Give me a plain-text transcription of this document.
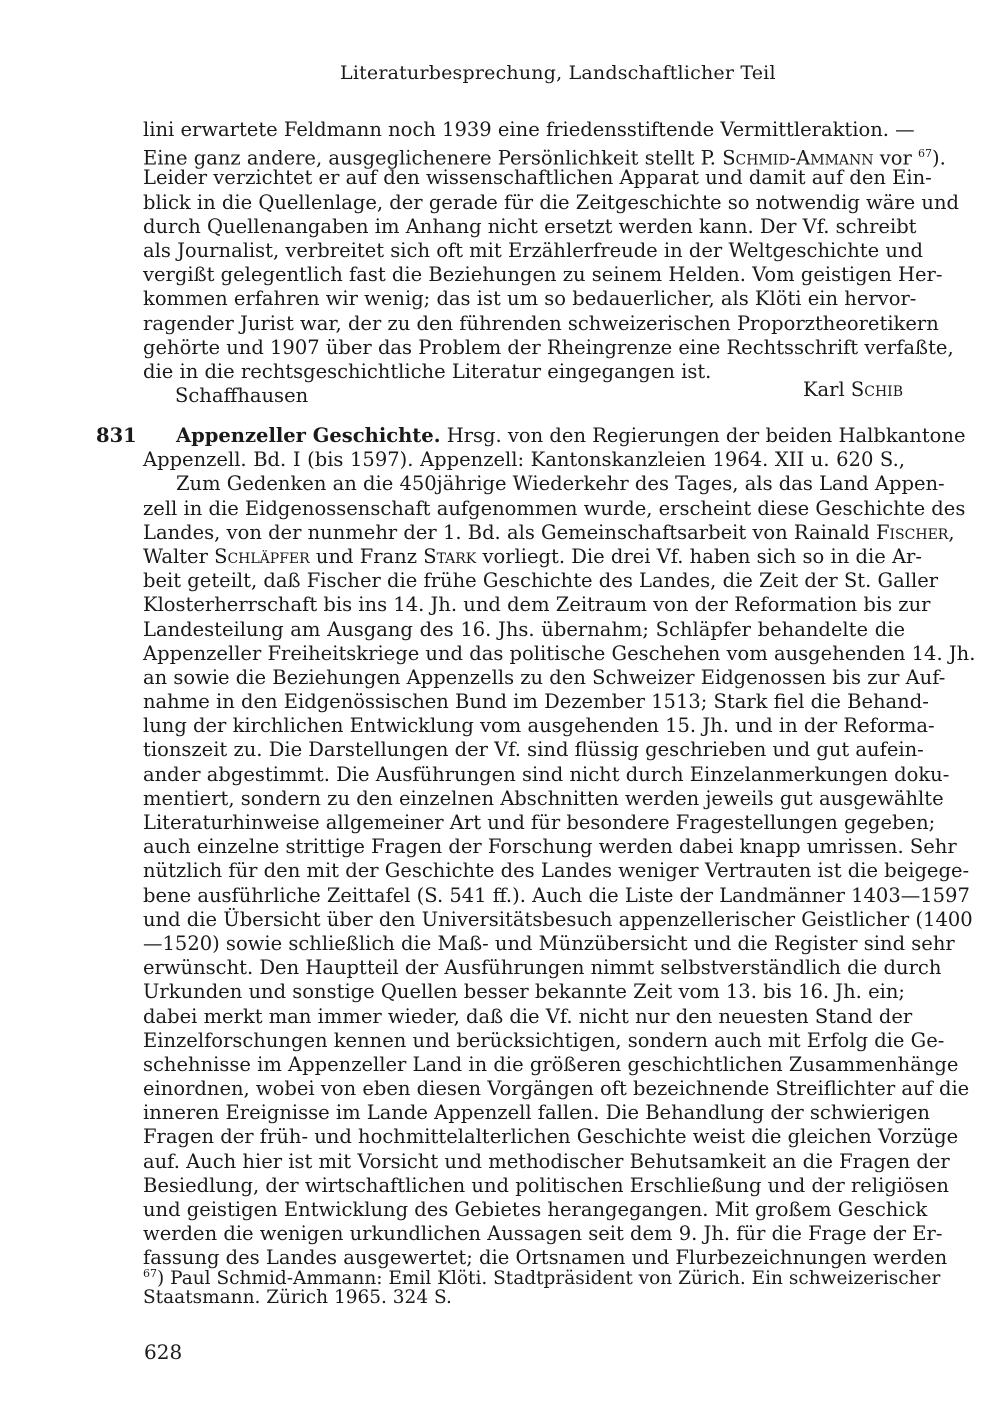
Literaturbesprechung, Landschaftlicher Teil
lini erwartete Feldmann noch 1939 eine friedensstiftende Vermittleraktion. —
Eine ganz andere, ausgeglichenere Persönlichkeit stellt P. Schmid-Ammann vor $^{67}$).
Leider verzichtet er auf den wissenschaftlichen Apparat und damit auf den Ein-
blick in die Quellenlage, der gerade für die Zeitgeschichte so notwendig wäre und
durch Quellenangaben im Anhang nicht ersetzt werden kann. Der Vf. schreibt
als Journalist, verbreitet sich oft mit Erzählerfreude in der Weltgeschichte und
vergißt gelegentlich fast die Beziehungen zu seinem Helden. Vom geistigen Her-
kommen erfahren wir wenig; das ist um so bedauerlicher, als Klöti ein hervor-
ragender Jurist war, der zu den führenden schweizerischen Proporztheoretikern
gehörte und 1907 über das Problem der Rheingrenze eine Rechtsschrift verfaßte,
die in die rechtsgeschichtliche Literatur eingegangen ist.
Schaffhausen	Karl Schib
831	Appenzeller Geschichte. Hrsg. von den Regierungen der beiden Halbkantone
Appenzell. Bd. I (bis 1597). Appenzell: Kantonskanzleien 1964. XII u. 620 S.,
Zum Gedenken an die 450jährige Wiederkehr des Tages, als das Land Appen-
zell in die Eidgenossenschaft aufgenommen wurde, erscheint diese Geschichte des
Landes, von der nunmehr der 1. Bd. als Gemeinschaftsarbeit von Rainald Fischer,
Walter Schläpfer und Franz Stark vorliegt. Die drei Vf. haben sich so in die Ar-
beit geteilt, daß Fischer die frühe Geschichte des Landes, die Zeit der St. Galler
Klosterherrschaft bis ins 14. Jh. und dem Zeitraum von der Reformation bis zur
Landesteilung am Ausgang des 16. Jhs. übernahm; Schläpfer behandelte die
Appenzeller Freiheitskriege und das politische Geschehen vom ausgehenden 14. Jh.
an sowie die Beziehungen Appenzells zu den Schweizer Eidgenossen bis zur Auf-
nahme in den Eidgenössischen Bund im Dezember 1513; Stark fiel die Behand-
lung der kirchlichen Entwicklung vom ausgehenden 15. Jh. und in der Reforma-
tionszeit zu. Die Darstellungen der Vf. sind flüssig geschrieben und gut aufein-
ander abgestimmt. Die Ausführungen sind nicht durch Einzelanmerkungen doku-
mentiert, sondern zu den einzelnen Abschnitten werden jeweils gut ausgewählte
Literaturhinweise allgemeiner Art und für besondere Fragestellungen gegeben;
auch einzelne strittige Fragen der Forschung werden dabei knapp umrissen. Sehr
nützlich für den mit der Geschichte des Landes weniger Vertrauten ist die beigege-
bene ausführliche Zeittafel (S. 541 ff.). Auch die Liste der Landmänner 1403—1597
und die Übersicht über den Universitätsbesuch appenzellerischer Geistlicher (1400
—1520) sowie schließlich die Maß- und Münzübersicht und die Register sind sehr
erwünscht. Den Hauptteil der Ausführungen nimmt selbstverständlich die durch
Urkunden und sonstige Quellen besser bekannte Zeit vom 13. bis 16. Jh. ein;
dabei merkt man immer wieder, daß die Vf. nicht nur den neuesten Stand der
Einzelforschungen kennen und berücksichtigen, sondern auch mit Erfolg die Ge-
schehnisse im Appenzeller Land in die größeren geschichtlichen Zusammenhänge
einordnen, wobei von eben diesen Vorgängen oft bezeichnende Streiflichter auf die
inneren Ereignisse im Lande Appenzell fallen. Die Behandlung der schwierigen
Fragen der früh- und hochmittelalterlichen Geschichte weist die gleichen Vorzüge
auf. Auch hier ist mit Vorsicht und methodischer Behutsamkeit an die Fragen der
Besiedlung, der wirtschaftlichen und politischen Erschließung und der religiösen
und geistigen Entwicklung des Gebietes herangegangen. Mit großem Geschick
werden die wenigen urkundlichen Aussagen seit dem 9. Jh. für die Frage der Er-
fassung des Landes ausgewertet; die Ortsnamen und Flurbezeichnungen werden
$^{67}$) Paul Schmid-Ammann: Emil Klöti. Stadtpräsident von Zürich. Ein schweizerischer
Staatsmann. Zürich 1965. 324 S.
628
